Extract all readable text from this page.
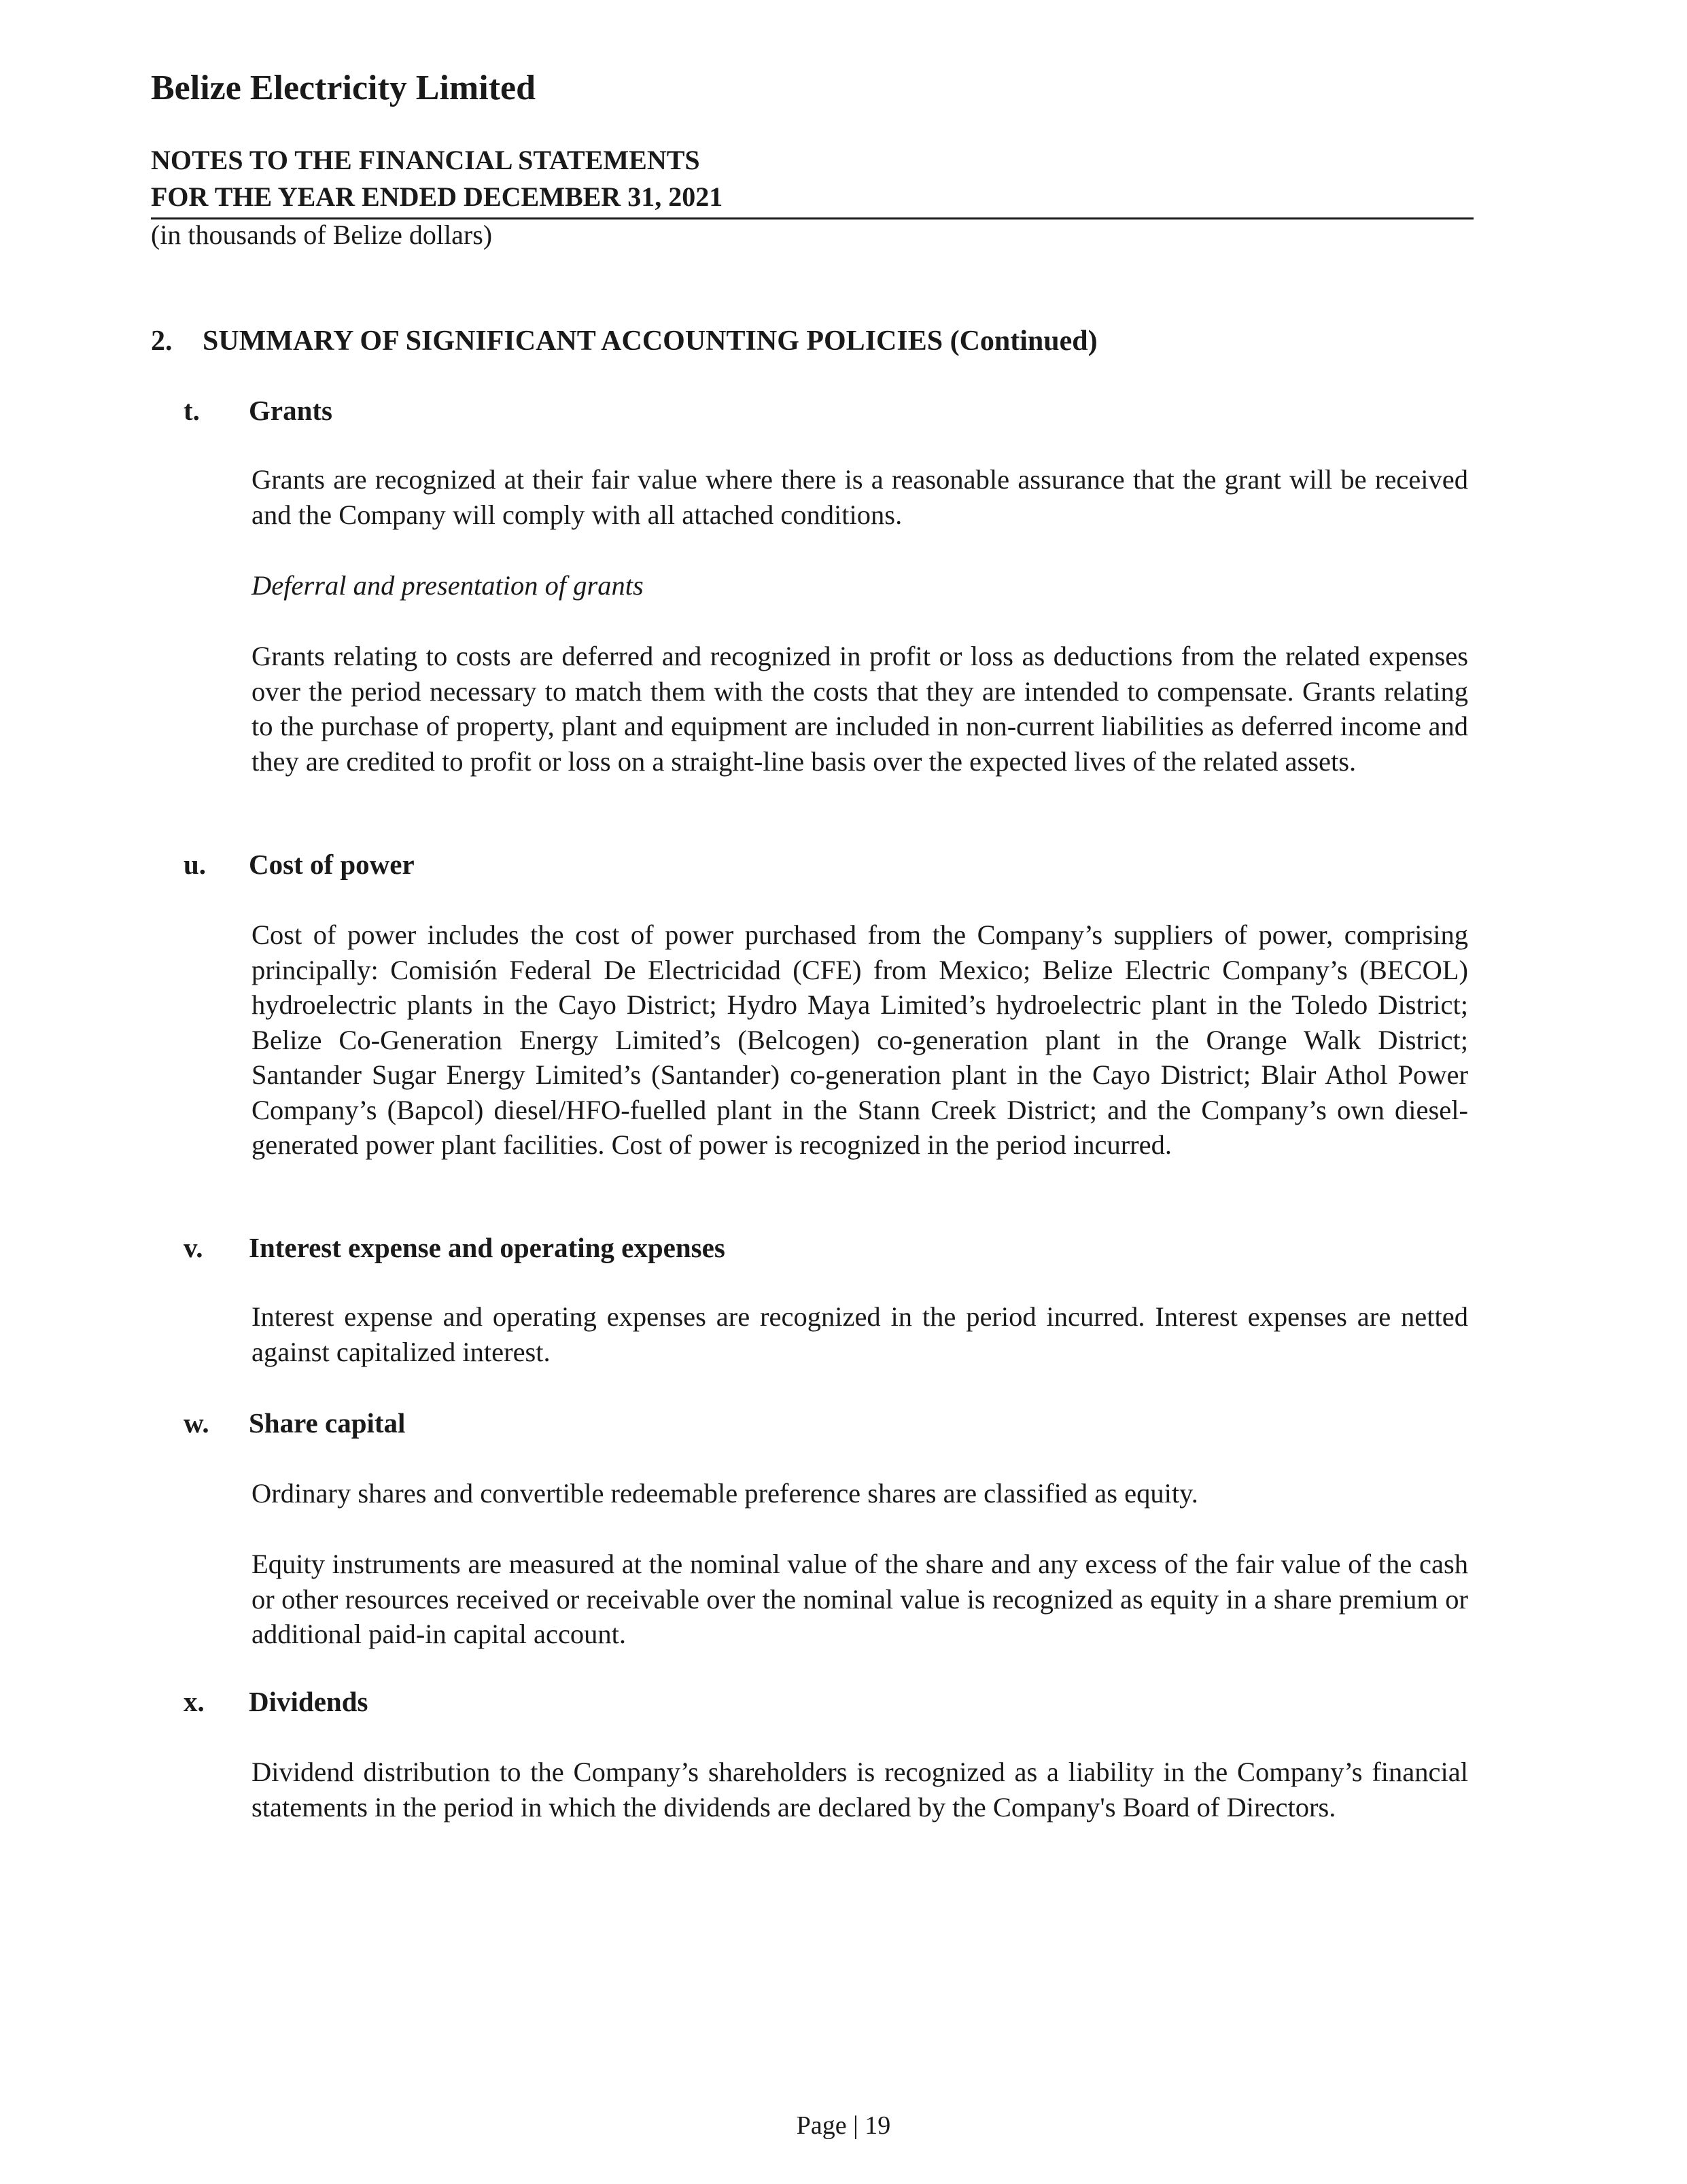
Belize Electricity Limited
NOTES TO THE FINANCIAL STATEMENTS
FOR THE YEAR ENDED DECEMBER 31, 2021
(in thousands of Belize dollars)
2. SUMMARY OF SIGNIFICANT ACCOUNTING POLICIES (Continued)
t. Grants

Grants are recognized at their fair value where there is a reasonable assurance that the grant will be received and the Company will comply with all attached conditions.

Deferral and presentation of grants

Grants relating to costs are deferred and recognized in profit or loss as deductions from the related expenses over the period necessary to match them with the costs that they are intended to compensate. Grants relating to the purchase of property, plant and equipment are included in non-current liabilities as deferred income and they are credited to profit or loss on a straight-line basis over the expected lives of the related assets.

u. Cost of power

Cost of power includes the cost of power purchased from the Company’s suppliers of power, comprising principally: Comisión Federal De Electricidad (CFE) from Mexico; Belize Electric Company’s (BECOL) hydroelectric plants in the Cayo District; Hydro Maya Limited’s hydroelectric plant in the Toledo District; Belize Co-Generation Energy Limited’s (Belcogen) co-generation plant in the Orange Walk District; Santander Sugar Energy Limited’s (Santander) co-generation plant in the Cayo District; Blair Athol Power Company’s (Bapcol) diesel/HFO-fuelled plant in the Stann Creek District; and the Company’s own diesel-generated power plant facilities. Cost of power is recognized in the period incurred.

v. Interest expense and operating expenses

Interest expense and operating expenses are recognized in the period incurred. Interest expenses are netted against capitalized interest.

w. Share capital

Ordinary shares and convertible redeemable preference shares are classified as equity.

Equity instruments are measured at the nominal value of the share and any excess of the fair value of the cash or other resources received or receivable over the nominal value is recognized as equity in a share premium or additional paid-in capital account.

x. Dividends

Dividend distribution to the Company’s shareholders is recognized as a liability in the Company’s financial statements in the period in which the dividends are declared by the Company's Board of Directors.

Page | 19
